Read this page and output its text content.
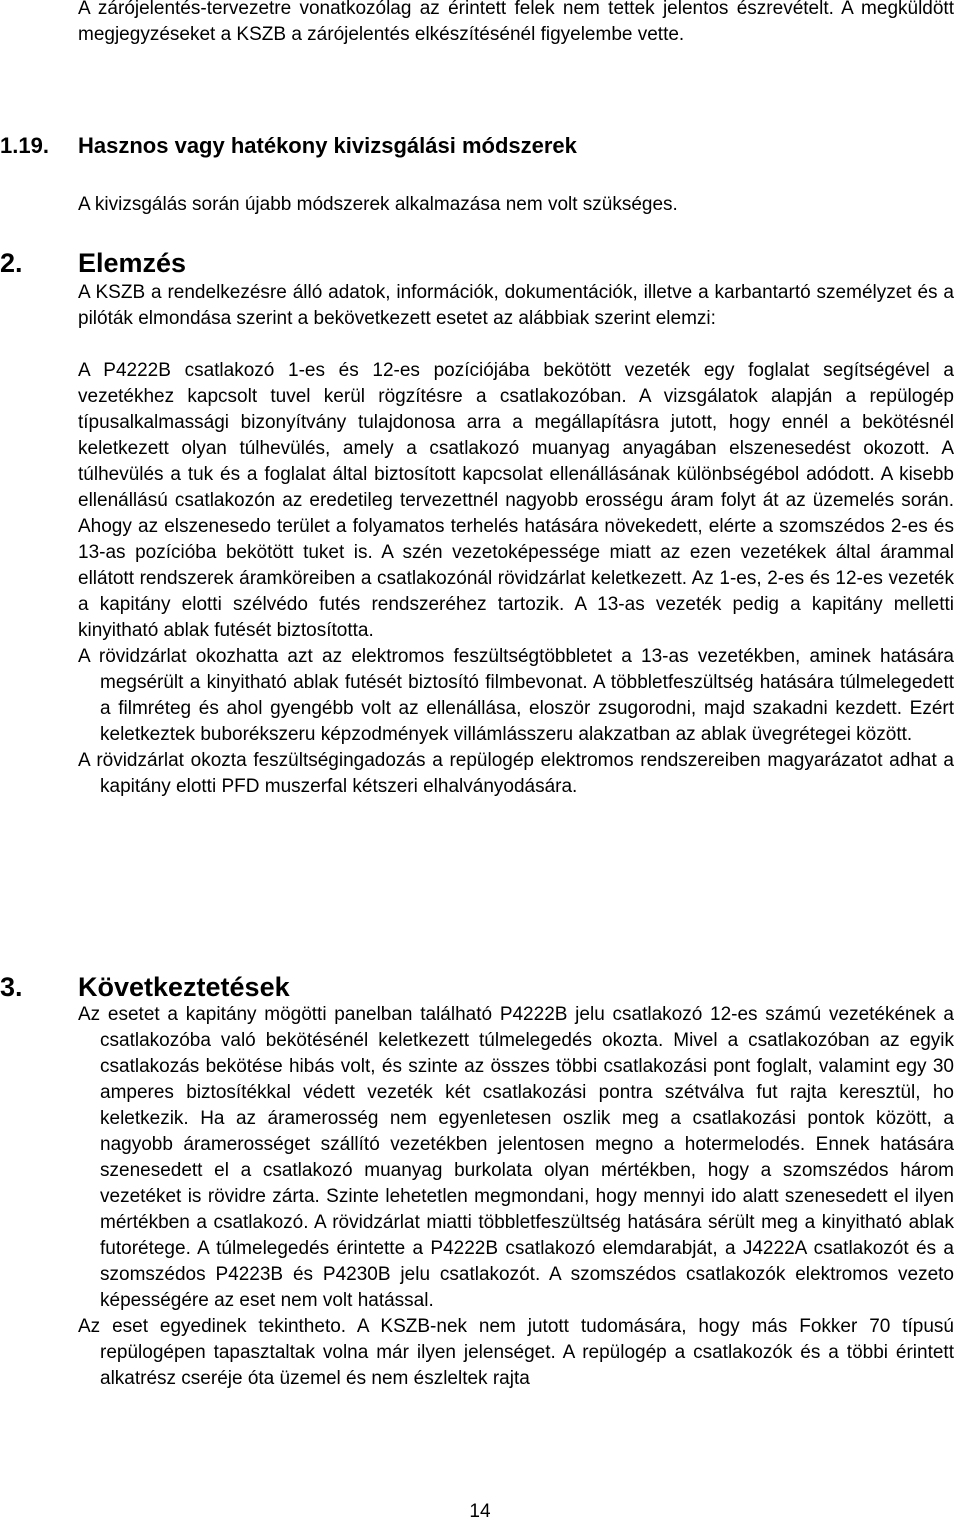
A zárójelentés-tervezetre vonatkozólag az érintett felek nem tettek jelentos észrevételt. A megküldött megjegyzéseket a KSZB a zárójelentés elkészítésénél figyelembe vette.

1.19.	Hasznos vagy hatékony kivizsgálási módszerek

A kivizsgálás során újabb módszerek alkalmazása nem volt szükséges.

2.	Elemzés

A KSZB a rendelkezésre álló adatok, információk, dokumentációk, illetve a karbantartó személyzet és a pilóták elmondása szerint a bekövetkezett esetet az alábbiak szerint elemzi:

A P4222B csatlakozó 1-es és 12-es pozíciójába bekötött vezeték egy foglalat segítségével a vezetékhez kapcsolt tuvel kerül rögzítésre a csatlakozóban. A vizsgálatok alapján a repülogép típusalkalmassági bizonyítvány tulajdonosa arra a megállapításra jutott, hogy ennél a bekötésnél keletkezett olyan túlhevülés, amely a csatlakozó muanyag anyagában elszenesedést okozott. A túlhevülés a tuk és a foglalat által biztosított kapcsolat ellenállásának különbségébol adódott. A kisebb ellenállású csatlakozón az eredetileg tervezettnél nagyobb erosségu áram folyt át az üzemelés során. Ahogy az elszenesedo terület a folyamatos terhelés hatására növekedett, elérte a szomszédos 2-es és 13-as pozícióba bekötött tuket is. A szén vezetoképessége miatt az ezen vezetékek által árammal ellátott rendszerek áramköreiben a csatlakozónál rövidzárlat keletkezett. Az 1-es, 2-es és 12-es vezeték a kapitány elotti szélvédo futés rendszeréhez tartozik. A 13-as vezeték pedig a kapitány melletti kinyitható ablak futését biztosította.

A rövidzárlat okozhatta azt az elektromos feszültségtöbbletet a 13-as vezetékben, aminek hatására megsérült a kinyitható ablak futését biztosító filmbevonat. A többletfeszültség hatására túlmelegedett a filmréteg és ahol gyengébb volt az ellenállása, eloször zsugorodni, majd szakadni kezdett. Ezért keletkeztek buborékszeru képzodmények villámlásszeru alakzatban az ablak üvegrétegei között.

A rövidzárlat okozta feszültségingadozás a repülogép elektromos rendszereiben magyarázatot adhat a kapitány elotti PFD muszerfal kétszeri elhalványodására.

3.	Következtetések

Az esetet a kapitány mögötti panelban található P4222B jelu csatlakozó 12-es számú vezetékének a csatlakozóba való bekötésénél keletkezett túlmelegedés okozta. Mivel a csatlakozóban az egyik csatlakozás bekötése hibás volt, és szinte az összes többi csatlakozási pont foglalt, valamint egy 30 amperes biztosítékkal védett vezeték két csatlakozási pontra szétválva fut rajta keresztül, ho keletkezik. Ha az áramerosség nem egyenletesen oszlik meg a csatlakozási pontok között, a nagyobb áramerosséget szállító vezetékben jelentosen megno a hotermelodés. Ennek hatására szenesedett el a csatlakozó muanyag burkolata olyan mértékben, hogy a szomszédos három vezetéket is rövidre zárta. Szinte lehetetlen megmondani, hogy mennyi ido alatt szenesedett el ilyen mértékben a csatlakozó. A rövidzárlat miatti többletfeszültség hatására sérült meg a kinyitható ablak futorétege. A túlmelegedés érintette a P4222B csatlakozó elemdarabját, a J4222A csatlakozót és a szomszédos P4223B és P4230B jelu csatlakozót. A szomszédos csatlakozók elektromos vezeto képességére az eset nem volt hatással.

Az eset egyedinek tekintheto. A KSZB-nek nem jutott tudomására, hogy más Fokker 70 típusú repülogépen tapasztaltak volna már ilyen jelenséget. A repülogép a csatlakozók és a többi érintett alkatrész cseréje óta üzemel és nem észleltek rajta

14
